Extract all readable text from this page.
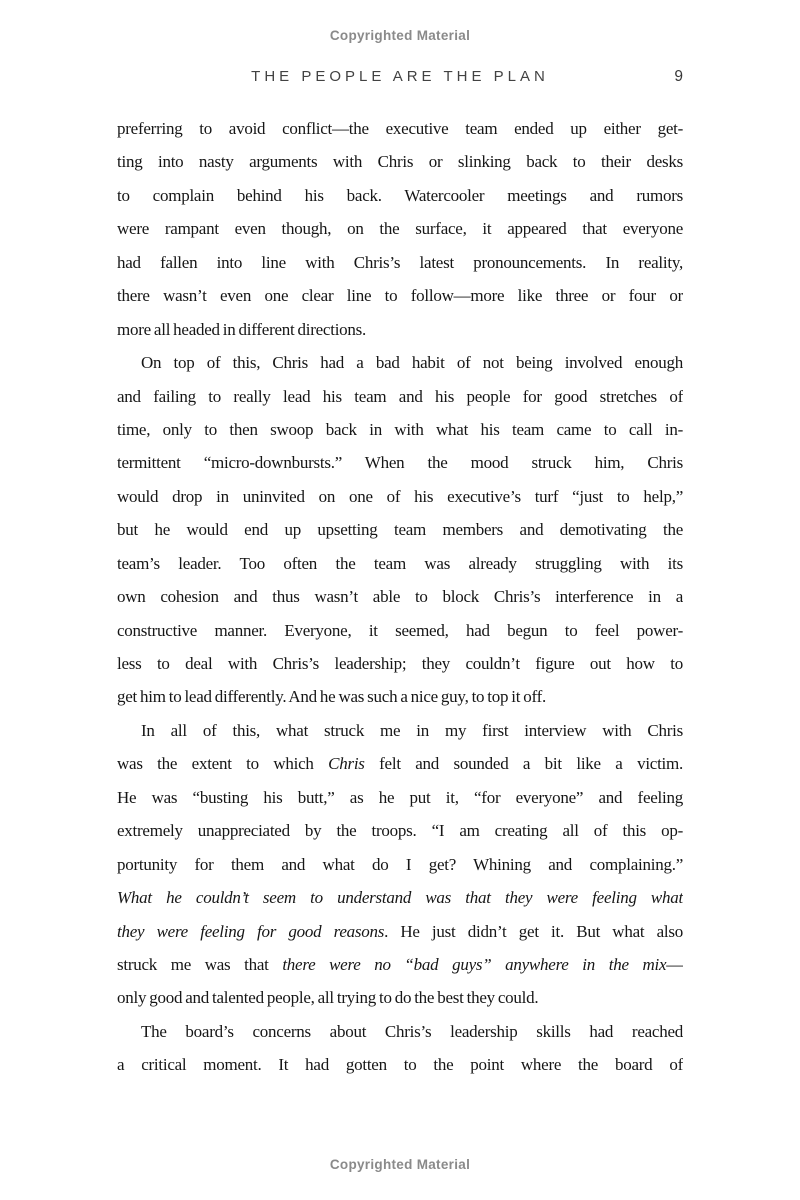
Copyrighted Material
THE PEOPLE ARE THE PLAN	9
preferring to avoid conflict—the executive team ended up either get-
ting into nasty arguments with Chris or slinking back to their desks
to complain behind his back. Watercooler meetings and rumors
were rampant even though, on the surface, it appeared that everyone
had fallen into line with Chris’s latest pronouncements. In reality,
there wasn’t even one clear line to follow—more like three or four or
more all headed in different directions.
On top of this, Chris had a bad habit of not being involved enough
and failing to really lead his team and his people for good stretches of
time, only to then swoop back in with what his team came to call in-
termittent “micro-downbursts.” When the mood struck him, Chris
would drop in uninvited on one of his executive’s turf “just to help,”
but he would end up upsetting team members and demotivating the
team’s leader. Too often the team was already struggling with its
own cohesion and thus wasn’t able to block Chris’s interference in a
constructive manner. Everyone, it seemed, had begun to feel power-
less to deal with Chris’s leadership; they couldn’t figure out how to
get him to lead differently. And he was such a nice guy, to top it off.
In all of this, what struck me in my first interview with Chris
was the extent to which Chris felt and sounded a bit like a victim.
He was “busting his butt,” as he put it, “for everyone” and feeling
extremely unappreciated by the troops. “I am creating all of this op-
portunity for them and what do I get? Whining and complaining.”
What he couldn’t seem to understand was that they were feeling what
they were feeling for good reasons. He just didn’t get it. But what also
struck me was that there were no “bad guys” anywhere in the mix—
only good and talented people, all trying to do the best they could.
The board’s concerns about Chris’s leadership skills had reached
a critical moment. It had gotten to the point where the board of
Copyrighted Material
